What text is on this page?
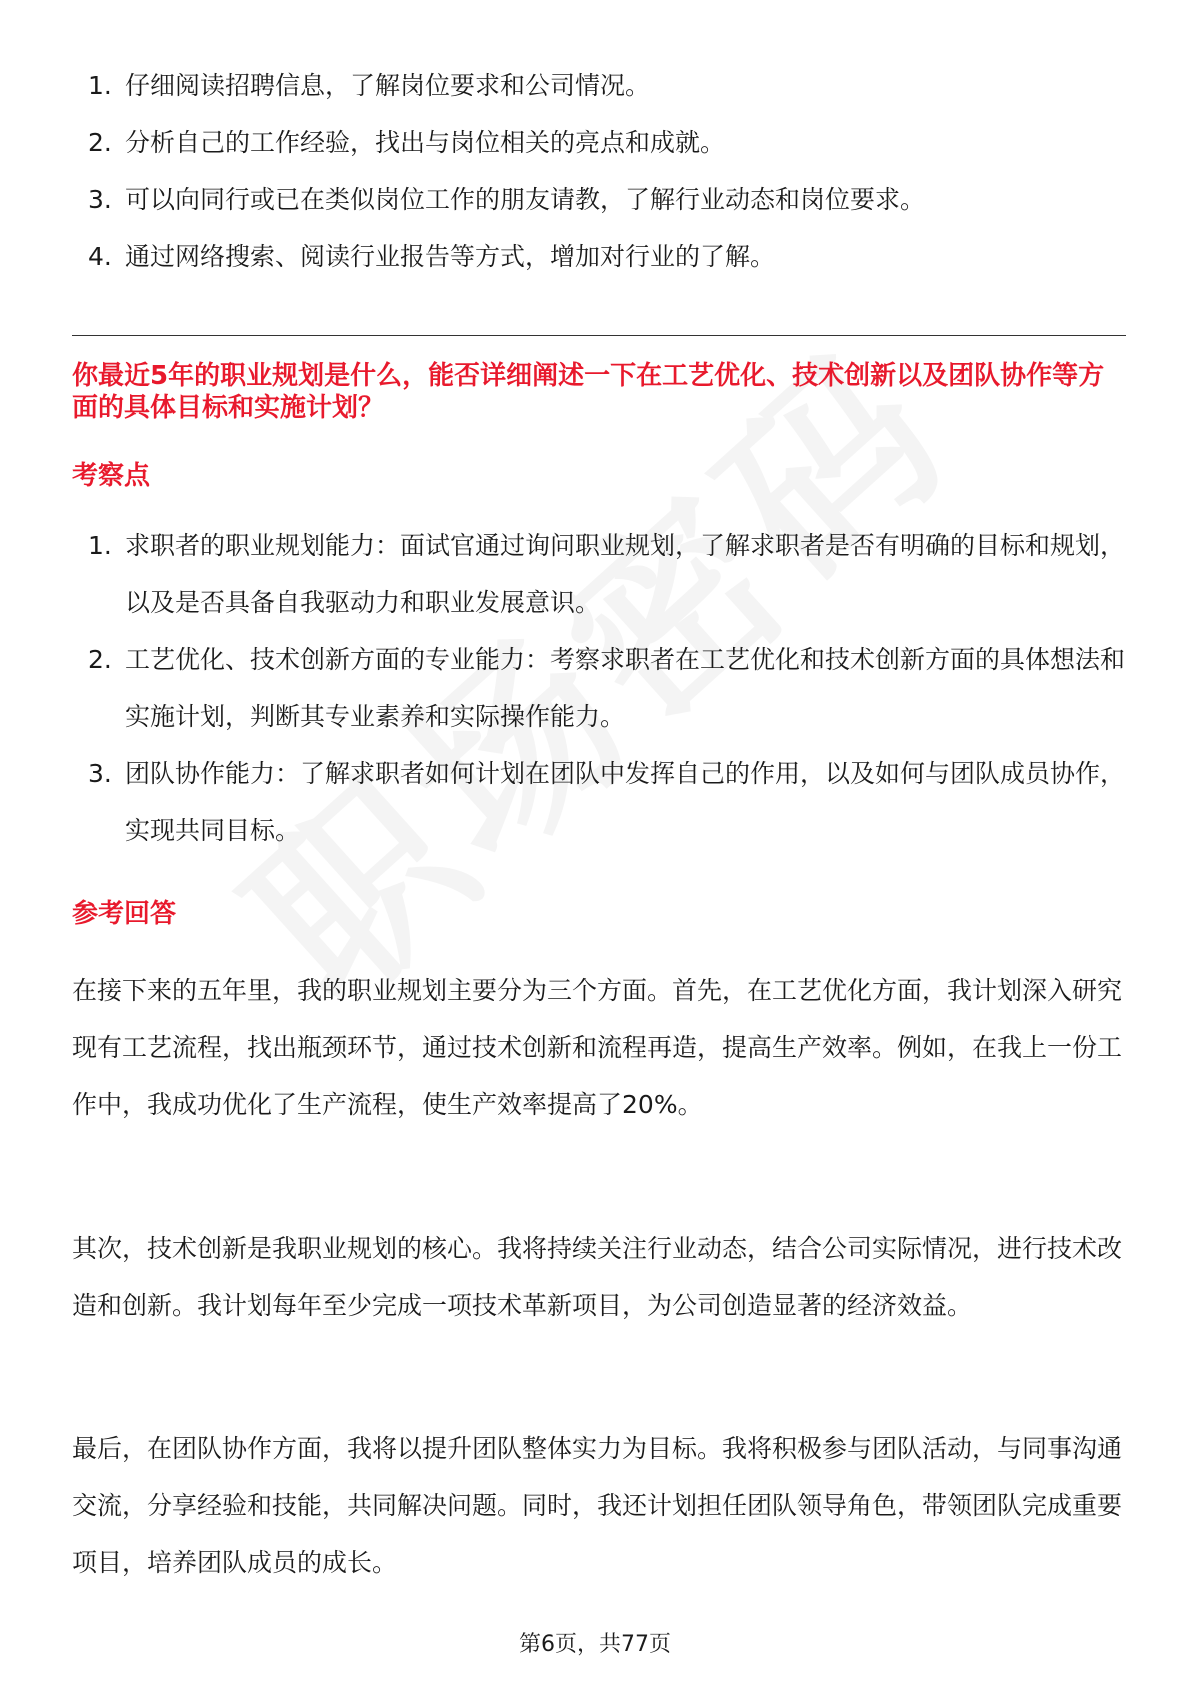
1. 仔细阅读招聘信息，了解岗位要求和公司情况。
2. 分析自己的工作经验，找出与岗位相关的亮点和成就。
3. 可以向同行或已在类似岗位工作的朋友请教，了解行业动态和岗位要求。
4. 通过网络搜索、阅读行业报告等方式，增加对行业的了解。
你最近5年的职业规划是什么，能否详细阐述一下在工艺优化、技术创新以及团队协作等方面的具体目标和实施计划？
考察点
1. 求职者的职业规划能力：面试官通过询问职业规划，了解求职者是否有明确的目标和规划，以及是否具备自我驱动力和职业发展意识。
2. 工艺优化、技术创新方面的专业能力：考察求职者在工艺优化和技术创新方面的具体想法和实施计划，判断其专业素养和实际操作能力。
3. 团队协作能力：了解求职者如何计划在团队中发挥自己的作用，以及如何与团队成员协作，实现共同目标。
参考回答

在接下来的五年里，我的职业规划主要分为三个方面。首先，在工艺优化方面，我计划深入研究现有工艺流程，找出瓶颈环节，通过技术创新和流程再造，提高生产效率。例如，在我上一份工作中，我成功优化了生产流程，使生产效率提高了20%。

其次，技术创新是我职业规划的核心。我将持续关注行业动态，结合公司实际情况，进行技术改造和创新。我计划每年至少完成一项技术革新项目，为公司创造显著的经济效益。

最后，在团队协作方面，我将以提升团队整体实力为目标。我将积极参与团队活动，与同事沟通交流，分享经验和技能，共同解决问题。同时，我还计划担任团队领导角色，带领团队完成重要项目，培养团队成员的成长。

第6页，共77页
